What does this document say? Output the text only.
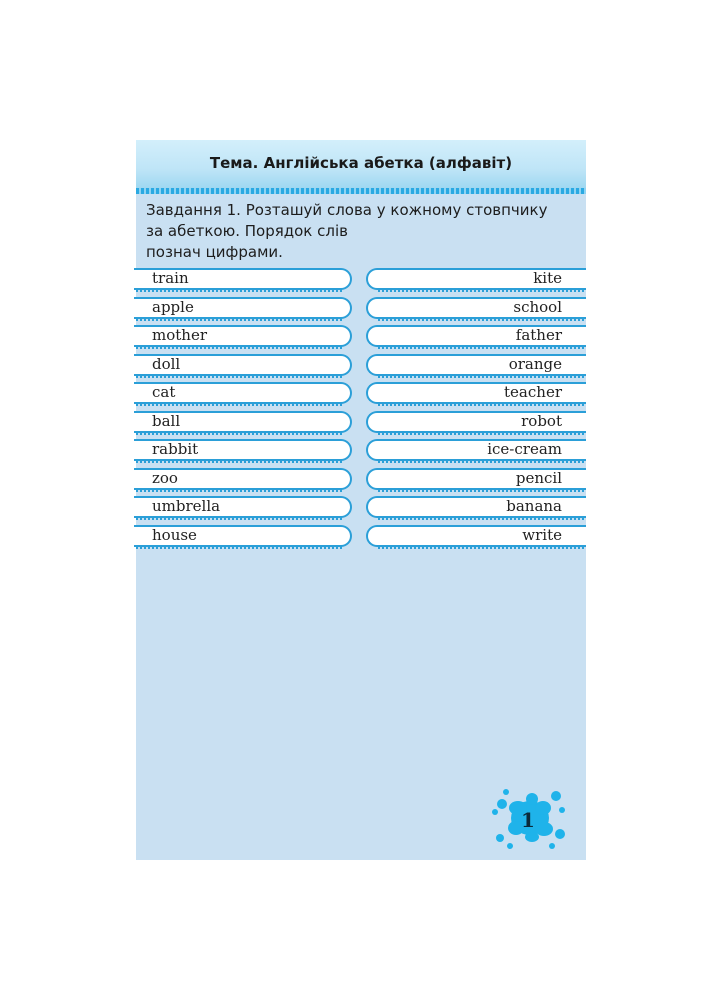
Тема. Англійська абетка (алфавіт)
Завдання 1. Розташуй слова у кожному стовпчику
за абеткою. Порядок слів
познач цифрами.
train
apple
mother
doll
cat
ball
rabbit
zoo
umbrella
house
kite
school
father
orange
teacher
robot
ice-cream
pencil
banana
write
1
